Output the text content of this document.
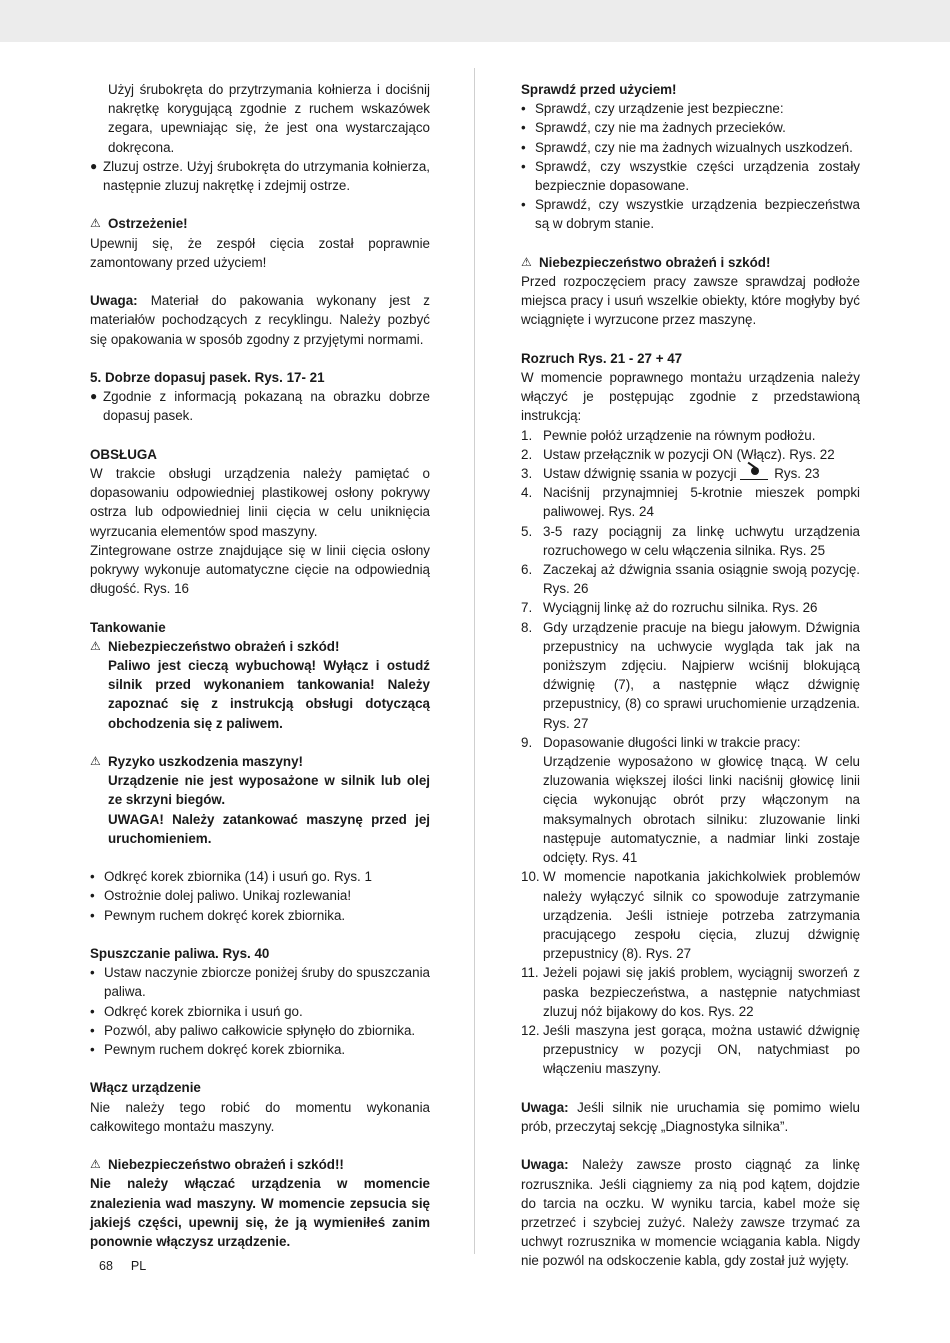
Użyj śrubokręta do przytrzymania kołnierza i dociśnij nakrętkę korygującą zgodnie z ruchem wskazówek zegara, upewniając się, że jest ona wystarczająco dokręcona.

● Zluzuj ostrze. Użyj śrubokręta do utrzymania kołnierza, następnie zluzuj nakrętkę i zdejmij ostrze.
⚠ Ostrzeżenie!

Upewnij się, że zespół cięcia został poprawnie zamontowany przed użyciem!

Uwaga: Materiał do pakowania wykonany jest z materiałów pochodzących z recyklingu. Należy pozbyć się opakowania w sposób zgodny z przyjętymi normami.

5. Dobrze dopasuj pasek. Rys. 17- 21
● Zgodnie z informacją pokazaną na obrazku dobrze dopasuj pasek.

OBSŁUGA

W trakcie obsługi urządzenia należy pamiętać o dopasowaniu odpowiedniej plastikowej osłony pokrywy ostrza lub odpowiedniej linii cięcia w celu uniknięcia wyrzucania elementów spod maszyny.

Zintegrowane ostrze znajdujące się w linii cięcia osłony pokrywy wykonuje automatyczne cięcie na odpowiednią długość. Rys. 16

Tankowanie

⚠ Niebezpieczeństwo obrażeń i szkód!

Paliwo jest cieczą wybuchową! Wyłącz i ostudź silnik przed wykonaniem tankowania! Należy zapoznać się z instrukcją obsługi dotyczącą obchodzenia się z paliwem.

⚠ Ryzyko uszkodzenia maszyny!

Urządzenie nie jest wyposażone w silnik lub olej ze skrzyni biegów.

UWAGA! Należy zatankować maszynę przed jej uruchomieniem.

• Odkręć korek zbiornika (14) i usuń go. Rys. 1
• Ostrożnie dolej paliwo. Unikaj rozlewania!
• Pewnym ruchem dokręć korek zbiornika.

Spuszczanie paliwa. Rys. 40

• Ustaw naczynie zbiorcze poniżej śruby do spuszczania paliwa.
• Odkręć korek zbiornika i usuń go.
• Pozwól, aby paliwo całkowicie spłynęło do zbiornika.
• Pewnym ruchem dokręć korek zbiornika.

Włącz urządzenie

Nie należy tego robić do momentu wykonania całkowitego montażu maszyny.

⚠ Niebezpieczeństwo obrażeń i szkód!!

Nie należy włączać urządzenia w momencie znalezienia wad maszyny. W momencie zepsucia się jakiejś części, upewnij się, że ją wymieniłeś zanim ponownie włączysz urządzenie.

Sprawdź przed użyciem!

• Sprawdź, czy urządzenie jest bezpieczne:
• Sprawdź, czy nie ma żadnych przecieków.
• Sprawdź, czy nie ma żadnych wizualnych uszkodzeń.
• Sprawdź, czy wszystkie części urządzenia zostały bezpiecznie dopasowane.
• Sprawdź, czy wszystkie urządzenia bezpieczeństwa są w dobrym stanie.
⚠ Niebezpieczeństwo obrażeń i szkód!

Przed rozpoczęciem pracy zawsze sprawdzaj podłoże miejsca pracy i usuń wszelkie obiekty, które mogłyby być wciągnięte i wyrzucone przez maszynę.

Rozruch Rys. 21 - 27 + 47

W momencie poprawnego montażu urządzenia należy włączyć je postępując zgodnie z przedstawioną instrukcją:

1. Pewnie połóż urządzenie na równym podłożu.
2. Ustaw przełącznik w pozycji ON (Włącz). Rys. 22
3. Ustaw dźwignię ssania w pozycji	Rys. 23
4. Naciśnij przynajmniej 5-krotnie mieszek pompki paliwowej. Rys. 24
5. 3-5 razy pociągnij za linkę uchwytu urządzenia rozruchowego w celu włączenia silnika. Rys. 25
6. Zaczekaj aż dźwignia ssania osiągnie swoją pozycję. Rys. 26
7. Wyciągnij linkę aż do rozruchu silnika. Rys. 26
8. Gdy urządzenie pracuje na biegu jałowym. Dźwignia przepustnicy na uchwycie wygląda tak jak na poniższym zdjęciu. Najpierw wciśnij blokującą dźwignię (7), a następnie włącz dźwignię przepustnicy, (8) co sprawi uruchomienie urządzenia. Rys. 27
9. Dopasowanie długości linki w trakcie pracy:
Urządzenie wyposażono w głowicę tnącą. W celu zluzowania większej ilości linki naciśnij głowicę linii cięcia wykonując obrót przy włączonym na maksymalnych obrotach silniku: zluzowanie linki następuje automatycznie, a nadmiar linki zostaje odcięty. Rys. 41
10. W momencie napotkania jakichkolwiek problemów należy wyłączyć silnik co spowoduje zatrzymanie urządzenia. Jeśli istnieje potrzeba zatrzymania pracującego zespołu cięcia, zluzuj dźwignię przepustnicy (8). Rys. 27
11. Jeżeli pojawi się jakiś problem, wyciągnij sworzeń z paska bezpieczeństwa, a następnie natychmiast zluzuj nóż bijakowy do kos. Rys. 22
12. Jeśli maszyna jest gorąca, można ustawić dźwignię przepustnicy w pozycji ON, natychmiast po włączeniu maszyny.

Uwaga: Jeśli silnik nie uruchamia się pomimo wielu prób, przeczytaj sekcję „Diagnostyka silnika”.

Uwaga: Należy zawsze prosto ciągnąć za linkę rozrusznika. Jeśli ciągniemy za nią pod kątem, dojdzie do tarcia na oczku. W wyniku tarcia, kabel może się przetrzeć i szybciej zużyć. Należy zawsze trzymać za uchwyt rozrusznika w momencie wciągania kabla. Nigdy nie pozwól na odskoczenie kabla, gdy został już wyjęty.

68 PL
